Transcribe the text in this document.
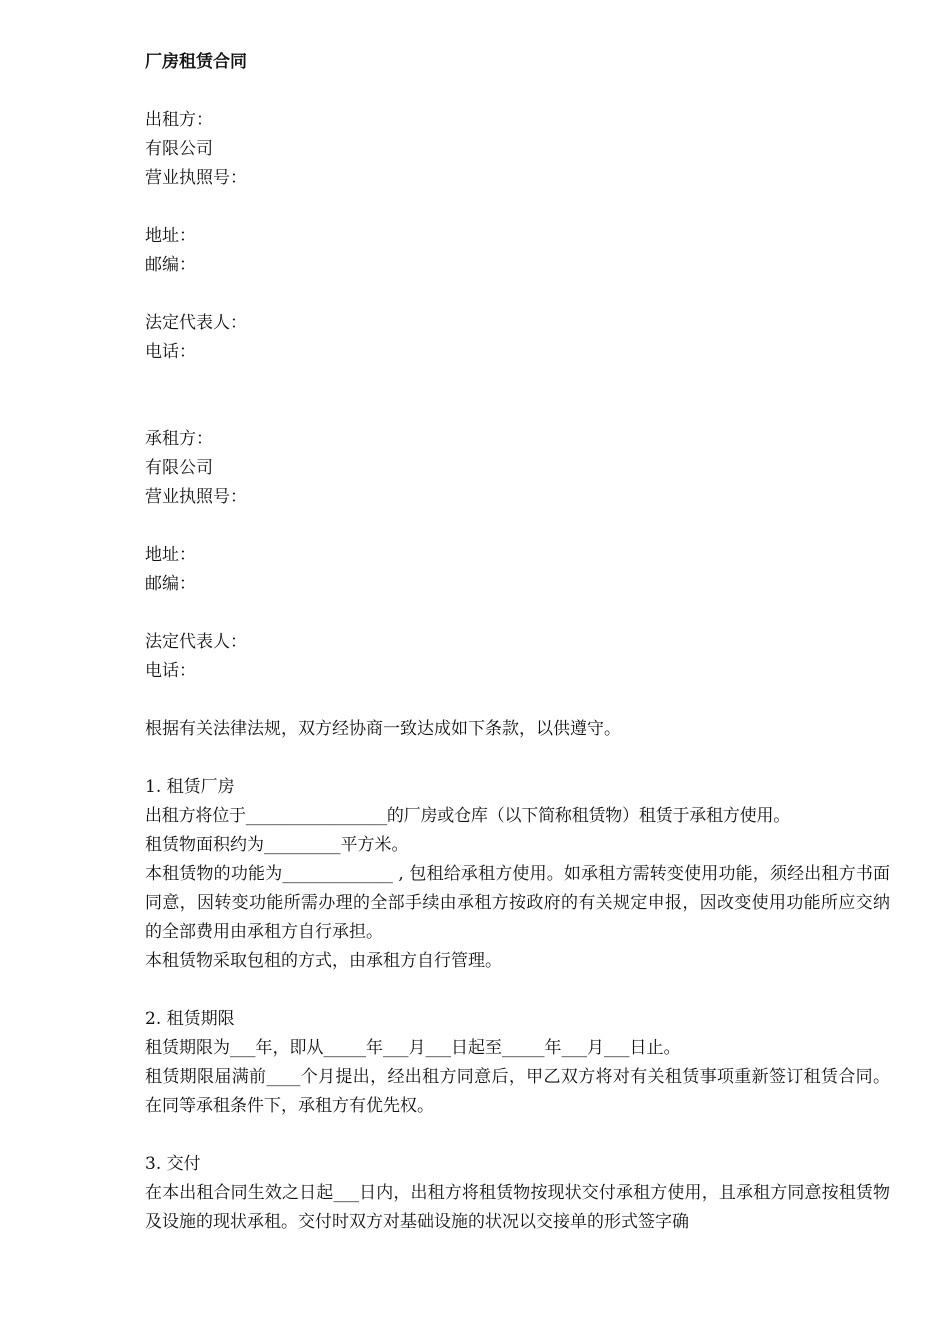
厂房租赁合同

出租方：

有限公司

营业执照号：

地址：

邮编：

法定代表人：

电话：

承租方：

有限公司

营业执照号：

地址：

邮编：

法定代表人：

电话：

根据有关法律法规，双方经协商一致达成如下条款，以供遵守。

1. 租赁厂房

出租方将位于_________________的厂房或仓库（以下简称租赁物）租赁于承租方使用。

租赁物面积约为_________平方米。

本租赁物的功能为_____________ , 包租给承租方使用。如承租方需转变使用功能，须经出租方书面同意，因转变功能所需办理的全部手续由承租方按政府的有关规定申报，因改变使用功能所应交纳的全部费用由承租方自行承担。

本租赁物采取包租的方式，由承租方自行管理。

2. 租赁期限

租赁期限为___年，即从_____年___月___日起至_____年___月___日止。

租赁期限届满前____个月提出，经出租方同意后，甲乙双方将对有关租赁事项重新签订租赁合同。在同等承租条件下，承租方有优先权。

3. 交付

在本出租合同生效之日起___日内，出租方将租赁物按现状交付承租方使用，且承租方同意按租赁物及设施的现状承租。交付时双方对基础设施的状况以交接单的形式签字确
